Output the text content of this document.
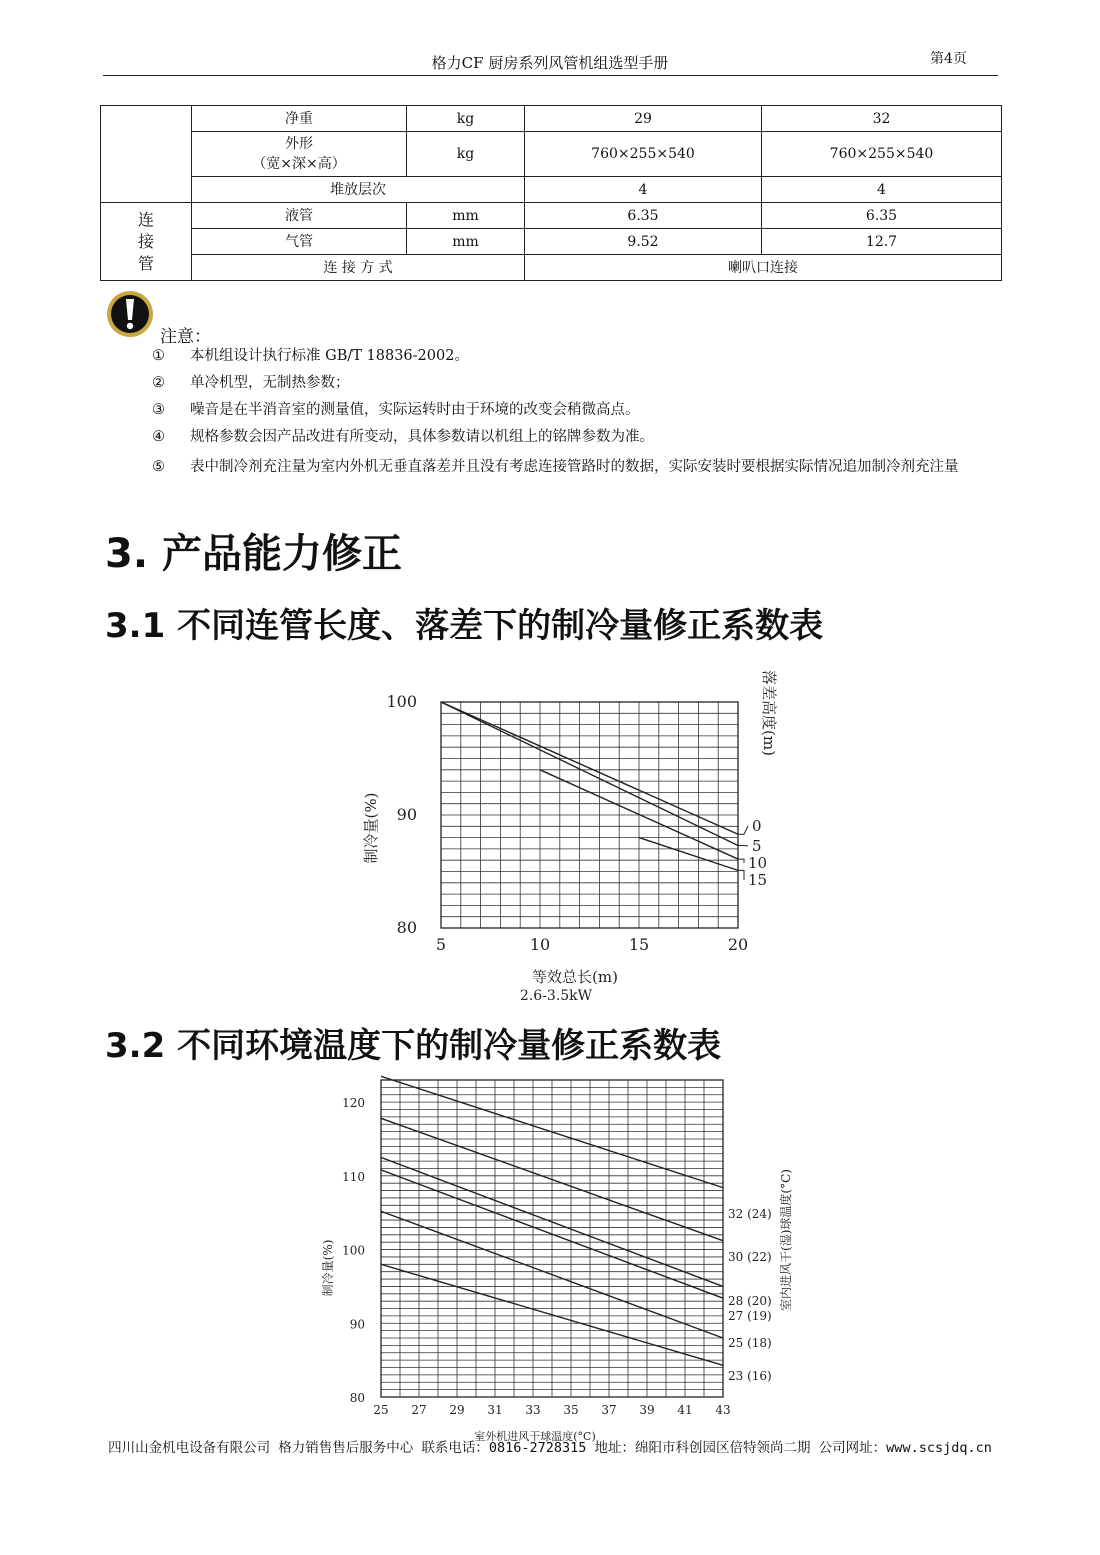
格力CF 厨房系列风管机组选型手册	第4页
	净重	kg	29	32

	外形
（宽×深×高）	kg	760×255×540	760×255×540
	堆放层次		4	4

连
接
管	液管	mm	6.35	6.35
	气管	mm	9.52	12.7
	连 接 方 式		喇叭口连接	
注意：
① 本机组设计执行标准 GB/T 18836-2002。
② 单冷机型，无制热参数；
③ 噪音是在半消音室的测量值，实际运转时由于环境的改变会稍微高点。
④ 规格参数会因产品改进有所变动，具体参数请以机组上的铭牌参数为准。
⑤ 表中制冷剂充注量为室内外机无垂直落差并且没有考虑连接管路时的数据，实际安装时要根据实际情况追加制冷剂充注量
3. 产品能力修正
3.1 不同连管长度、落差下的制冷量修正系数表
3.2 不同环境温度下的制冷量修正系数表
5	10	15	20
80
90
100
0
5
10
15
等效总长(m)
2.6-3.5kW
制冷量(%)
落差高度(m)
25 27 29 31 33 35 37 39 41 43
80
90
100
110
120
32 (24)
30 (22)
28 (20)
27 (19)
25 (18)
23 (16)
室外机进风干球温度(°C)
制冷量(%)	室内进风干(湿)球温度(°C)
四川山金机电设备有限公司 格力销售售后服务中心 联系电话：0816-2728315 地址：绵阳市科创园区倍特领尚二期 公司网址：www.scsjdq.cn
